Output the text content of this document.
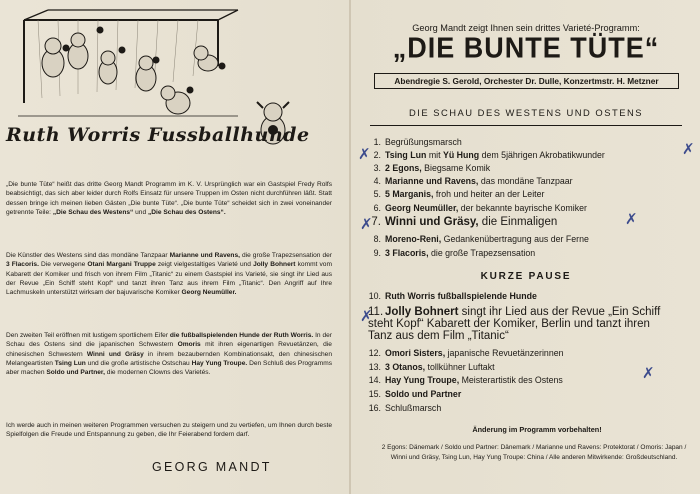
Ruth Worris Fussballhunde

„Die bunte Tüte“ heißt das dritte Georg Mandt Programm im K. V. Ursprünglich war ein Gastspiel Fredy Rolfs beabsichtigt, das sich aber leider durch Rolfs Einsatz für unsere Truppen im Osten nicht durchführen läßt. Statt dessen bringe ich meinen lieben Gästen „Die bunte Tüte“. „Die bunte Tüte“ scheidet sich in zwei voneinander getrennte Teile: „Die Schau des Westens“ und „Die Schau des Ostens“.

Die Künstler des Westens sind das mondäne Tanzpaar Marianne und Ravens, die große Trapezsensation der 3 Flacoris. Die verwegene Otani Margani Truppe zeigt vielgestaltiges Varieté und Jolly Bohnert kommt vom Kabarett der Komiker und frisch von ihrem Film „Titanic“ zu einem Gastspiel ins Varieté, sie singt ihr Lied aus der Revue „Ein Schiff steht Kopf“ und tanzt ihren Tanz aus ihrem Film „Titanic“. Den Angriff auf Ihre Lachmuskeln unterstützt wirksam der bajuvarische Komiker Georg Neumüller.

Den zweiten Teil eröffnen mit lustigem sportlichem Eifer die fußballspielenden Hunde der Ruth Worris. In der Schau des Ostens sind die japanischen Schwestern Omoris mit ihren eigenartigen Revuetänzen, die chinesischen Schwestern Winni und Gräsy in ihrem bezaubernden Kombinationsakt, den chinesischen Melangeartisten Tsing Lun und die große artistische Ostschau Hay Yung Troupe. Den Schluß des Programms aber machen Soldo und Partner, die modernen Clowns des Varietés.

Ich werde auch in meinen weiteren Programmen versuchen zu steigern und zu vertiefen, um Ihnen durch beste Spielfolgen die Freude und Entspannung zu geben, die Ihr Feierabend fordern darf.

GEORG MANDT

Georg Mandt zeigt Ihnen sein drittes Varieté-Programm:

„DIE BUNTE TÜTE“

Abendregie S. Gerold, Orchester Dr. Dulle, Konzertmstr. H. Metzner

DIE SCHAU DES WESTENS UND OSTENS

1. Begrüßungsmarsch
2. Tsing Lun mit Yü Hung dem 5jährigen Akrobatikwunder
3. 2 Egons, Biegsame Komik
4. Marianne und Ravens, das mondäne Tanzpaar
5. 5 Marganis, froh und heiter an der Leiter
6. Georg Neumüller, der bekannte bayrische Komiker
7. Winni und Gräsy, die Einmaligen
8. Moreno-Reni, Gedankenübertragung aus der Ferne
9. 3 Flacoris, die große Trapezsensation

KURZE PAUSE

10. Ruth Worris fußballspielende Hunde
11. Jolly Bohnert singt ihr Lied aus der Revue „Ein Schiff steht Kopf“ Kabarett der Komiker, Berlin und tanzt ihren Tanz aus dem Film „Titanic“
12. Omori Sisters, japanische Revuetänzerinnen
13. 3 Otanos, tollkühner Luftakt
14. Hay Yung Troupe, Meisterartistik des Ostens
15. Soldo und Partner
16. Schlußmarsch

Änderung im Programm vorbehalten!

2 Egons: Dänemark / Soldo und Partner: Dänemark / Marianne und Ravens: Protektorat / Omoris: Japan / Winni und Gräsy, Tsing Lun, Hay Yung Troupe: China / Alle anderen Mitwirkende: Großdeutschland.

✗	✗
✗	✗
✗
✗
